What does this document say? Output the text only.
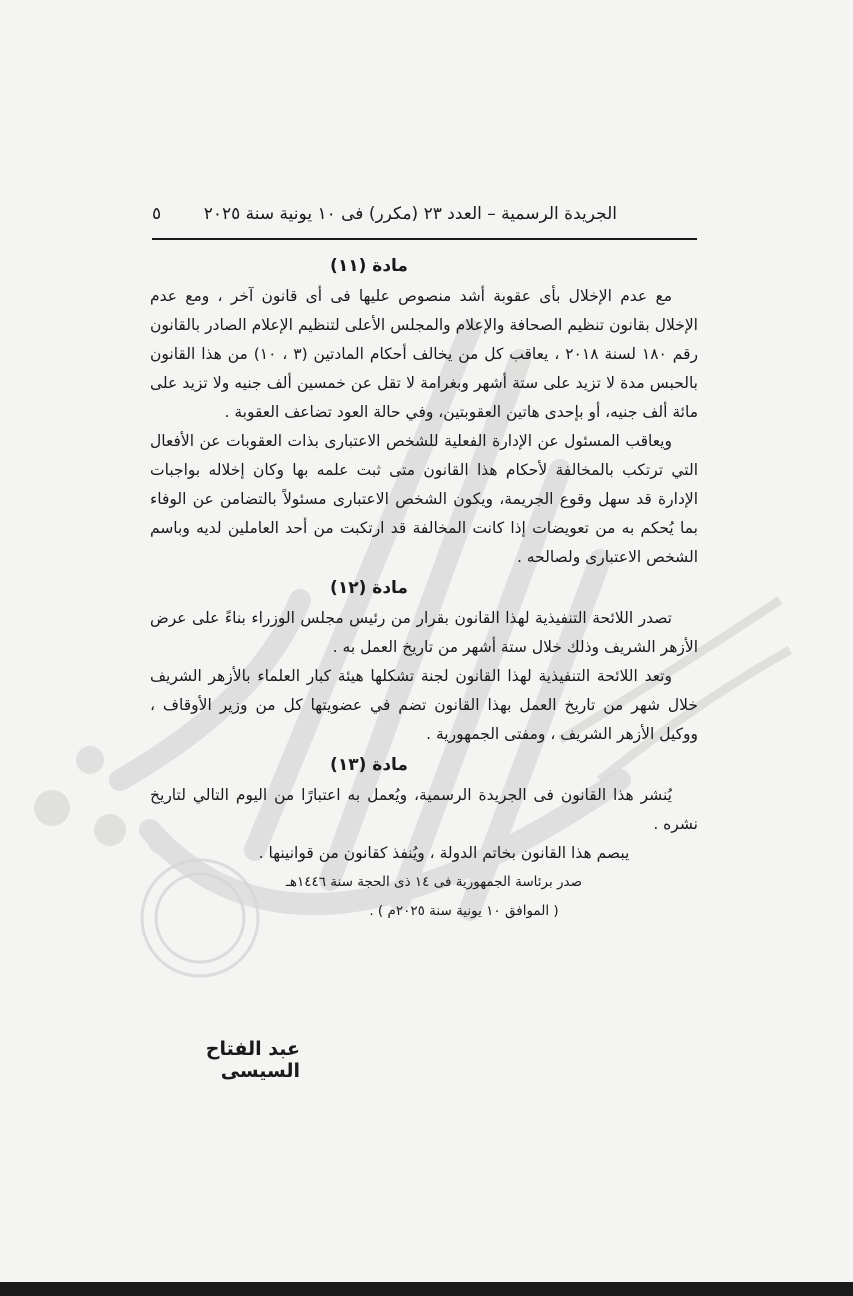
الجريدة الرسمية – العدد ٢٣ (مكرر) فى ١٠ يونية سنة ٢٠٢٥
٥
مادة (١١)

مع عدم الإخلال بأى عقوبة أشد منصوص عليها فى أى قانون آخر ، ومع عدم الإخلال بقانون تنظيم الصحافة والإعلام والمجلس الأعلى لتنظيم الإعلام الصادر بالقانون رقم ١٨٠ لسنة ٢٠١٨ ، يعاقب كل من يخالف أحكام المادتين (٣ ، ١٠) من هذا القانون بالحبس مدة لا تزيد على ستة أشهر وبغرامة لا تقل عن خمسين ألف جنيه ولا تزيد على مائة ألف جنيه، أو بإحدى هاتين العقوبتين، وفي حالة العود تضاعف العقوبة .

ويعاقب المسئول عن الإدارة الفعلية للشخص الاعتبارى بذات العقوبات عن الأفعال التي ترتكب بالمخالفة لأحكام هذا القانون متى ثبت علمه بها وكان إخلاله بواجبات الإدارة قد سهل وقوع الجريمة، ويكون الشخص الاعتبارى مسئولاً بالتضامن عن الوفاء بما يُحكم به من تعويضات إذا كانت المخالفة قد ارتكبت من أحد العاملين لديه وباسم الشخص الاعتبارى ولصالحه .

مادة (١٢)

تصدر اللائحة التنفيذية لهذا القانون بقرار من رئيس مجلس الوزراء بناءً على عرض الأزهر الشريف وذلك خلال ستة أشهر من تاريخ العمل به .

وتعد اللائحة التنفيذية لهذا القانون لجنة تشكلها هيئة كبار العلماء بالأزهر الشريف خلال شهر من تاريخ العمل بهذا القانون تضم في عضويتها كل من وزير الأوقاف ، ووكيل الأزهر الشريف ، ومفتى الجمهورية .

مادة (١٣)

يُنشر هذا القانون فى الجريدة الرسمية، ويُعمل به اعتبارًا من اليوم التالي لتاريخ نشره .

يبصم هذا القانون بخاتم الدولة ، ويُنفذ كقانون من قوانينها .

صدر برئاسة الجمهورية فى ١٤ ذى الحجة سنة ١٤٤٦هـ

( الموافق ١٠ يونية سنة ٢٠٢٥م ) .

عبد الفتاح السيسى
